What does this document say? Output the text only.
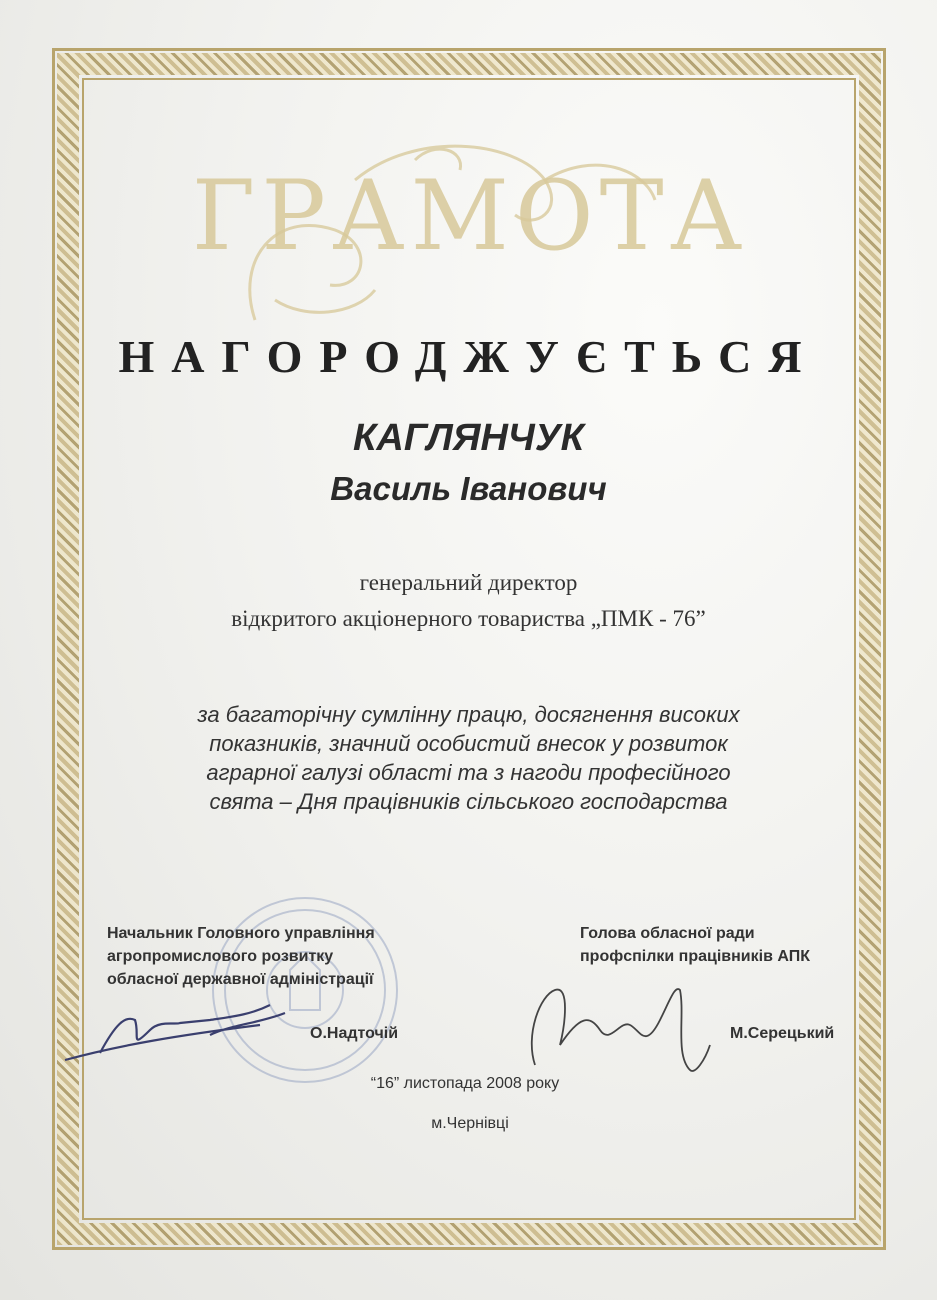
ГРАМОТА
НАГОРОДЖУЄТЬСЯ
КАГЛЯНЧУК
Василь Іванович
генеральний директор
відкритого акціонерного товариства „ПМК - 76”
за багаторічну сумлінну працю, досягнення високих
показників, значний особистий внесок у розвиток
аграрної галузі області та з нагоди професійного
свята – Дня працівників сільського господарства
Начальник Головного управління
агропромислового розвитку
обласної державної адміністрації
Голова обласної ради
профспілки працівників АПК
О.Надточій	М.Серецький
“16” листопада 2008 року
м.Чернівці
